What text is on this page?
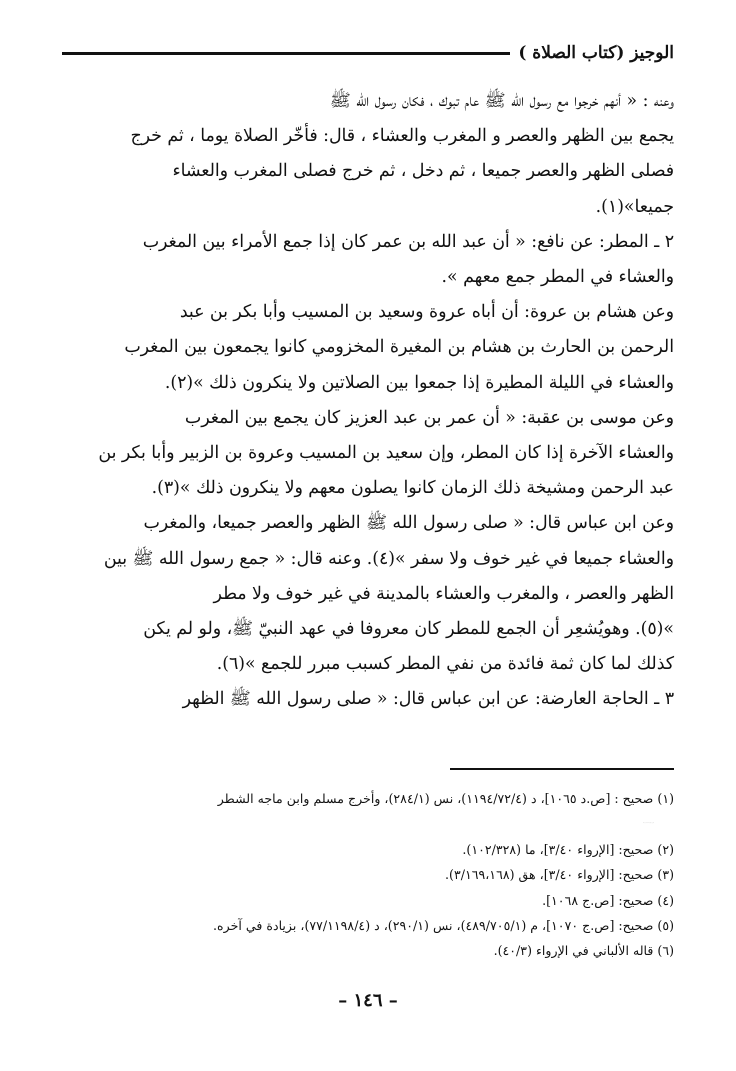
الوجيز (كتاب الصلاة )

وعنه : « أنهم خرجوا مع رسول الله ﷺ عام تبوك ، فكان رسول الله ﷺ
يجمع بين الظهر والعصر و المغرب والعشاء ، قال: فأخّر الصلاة يوما ، ثم خرج
فصلى الظهر والعصر جميعا ، ثم دخل ، ثم خرج فصلى المغرب والعشاء
جميعا»(١).

٢ ـ المطر: عن نافع: « أن عبد الله بن عمر كان إذا جمع الأمراء بين المغرب
والعشاء في المطر جمع معهم ».

وعن هشام بن عروة: أن أباه عروة وسعيد بن المسيب وأبا بكر بن عبد
الرحمن بن الحارث بن هشام بن المغيرة المخزومي كانوا يجمعون بين المغرب
والعشاء في الليلة المطيرة إذا جمعوا بين الصلاتين ولا ينكرون ذلك »(٢).

وعن موسى بن عقبة: « أن عمر بن عبد العزيز كان يجمع بين المغرب
والعشاء الآخرة إذا كان المطر، وإن سعيد بن المسيب وعروة بن الزبير وأبا بكر بن
عبد الرحمن ومشيخة ذلك الزمان كانوا يصلون معهم ولا ينكرون ذلك »(٣).

وعن ابن عباس قال: « صلى رسول الله ﷺ الظهر والعصر جميعا، والمغرب
والعشاء جميعا في غير خوف ولا سفر »(٤). وعنه قال: « جمع رسول الله ﷺ بين
الظهر والعصر ، والمغرب والعشاء بالمدينة في غير خوف ولا مطر
»(٥). وهويُشعِر أن الجمع للمطر كان معروفا في عهد النبيّ ﷺ، ولو لم يكن
كذلك لما كان ثمة فائدة من نفي المطر كسبب مبرر للجمع »(٦).

٣ ـ الحاجة العارضة: عن ابن عباس قال: « صلى رسول الله ﷺ الظهر

(١) صحيح : [ص.د ١٠٦٥]، د (١١٩٤/٧٢/٤)، نس (٢٨٤/١)، وأخرج مسلم وابن ماجه الشطر
(٢) صحيح: [الإرواء ٣/٤٠]، ما (١٠٢/٣٢٨).
(٣) صحيح: [الإرواء ٣/٤٠]، هق (٣/١٦٩،١٦٨).
(٤) صحيح: [ص.ج ١٠٦٨].
(٥) صحيح: [ص.ج ١٠٧٠]، م (٤٨٩/٧٠٥/١)، نس (٢٩٠/١)، د (٧٧/١١٩٨/٤)، بزيادة في آخره.
(٦) قاله الألباني في الإرواء (٤٠/٣).
– ١٤٦ –
